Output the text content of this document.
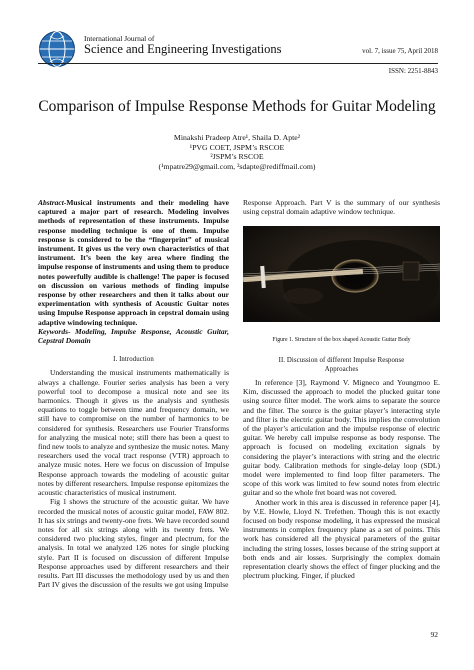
International Journal of
Science and Engineering Investigations	vol. 7, issue 75, April 2018
ISSN: 2251-8843
Comparison of Impulse Response Methods for Guitar Modeling
Minakshi Pradeep Atre¹, Shaila D. Apte²
¹PVG COET, JSPM’s RSCOE
²JSPM’s RSCOE
(¹mpatre29@gmail.com, ²sdapte@rediffmail.com)

Abstract-Musical instruments and their modeling have captured a major part of research. Modeling involves methods of representation of these instruments. Impulse response modeling technique is one of them. Impulse response is considered to be the “fingerprint” of musical instrument. It gives us the very own characteristics of that instrument. It’s been the key area where finding the impulse response of instruments and using them to produce notes powerfully audible is challenge! The paper is focused on discussion on various methods of finding impulse response by other researchers and then it talks about our experimentation with synthesis of Acoustic Guitar notes using Impulse Response approach in cepstral domain using adaptive windowing technique.

Keywords- Modeling, Impulse Response, Acoustic Guitar, Cepstral Domain

I. Introduction

Understanding the musical instruments mathematically is always a challenge. Fourier series analysis has been a very powerful tool to decompose a musical note and see its harmonics. Though it gives us the analysis and synthesis equations to toggle between time and frequency domain, we still have to compromise on the number of harmonics to be considered for synthesis. Researchers use Fourier Transforms for analyzing the musical note; still there has been a quest to find new tools to analyze and synthesize the music notes. Many researchers used the vocal tract response (VTR) approach to analyze music notes. Here we focus on discussion of Impulse Response approach towards the modeling of acoustic guitar notes by different researchers. Impulse response epitomizes the acoustic characteristics of musical instrument.

Fig 1 shows the structure of the acoustic guitar. We have recorded the musical notes of acoustic guitar model, FAW 802. It has six strings and twenty-one frets. We have recorded sound notes for all six strings along with its twenty frets. We considered two plucking styles, finger and plectrum, for the analysis. In total we analyzed 126 notes for single plucking style. Part II is focused on discussion of different Impulse Response approaches used by different researchers and their results. Part III discusses the methodology used by us and then Part IV gives the discussion of the results we got using Impulse

Response Approach. Part V is the summary of our synthesis using cepstral domain adaptive window technique.

Figure 1. Structure of the box shaped Acoustic Guitar Body
II. Discussion of different Impulse Response
Approaches

In reference [3], Raymond V. Migneco and Youngmoo E. Kim, discussed the approach to model the plucked guitar tone using source filter model. The work aims to separate the source and the filter. The source is the guitar player’s interacting style and filter is the electric guitar body. This implies the convolution of the player’s articulation and the impulse response of electric guitar. We hereby call impulse response as body response. The approach is focused on modeling excitation signals by considering the player’s interactions with string and the electric guitar body. Calibration methods for single-delay loop (SDL) model were implemented to find loop filter parameters. The scope of this work was limited to few sound notes from electric guitar and so the whole fret board was not covered.

Another work in this area is discussed in reference paper [4], by V.E. Howle, Lloyd N. Trefethen. Though this is not exactly focused on body response modeling, it has expressed the musical instruments in complex frequency plane as a set of points. This work has considered all the physical parameters of the guitar including the string losses, losses because of the string support at both ends and air losses. Surprisingly the complex domain representation clearly shows the effect of finger plucking and the plectrum plucking. Finger, if plucked

92
